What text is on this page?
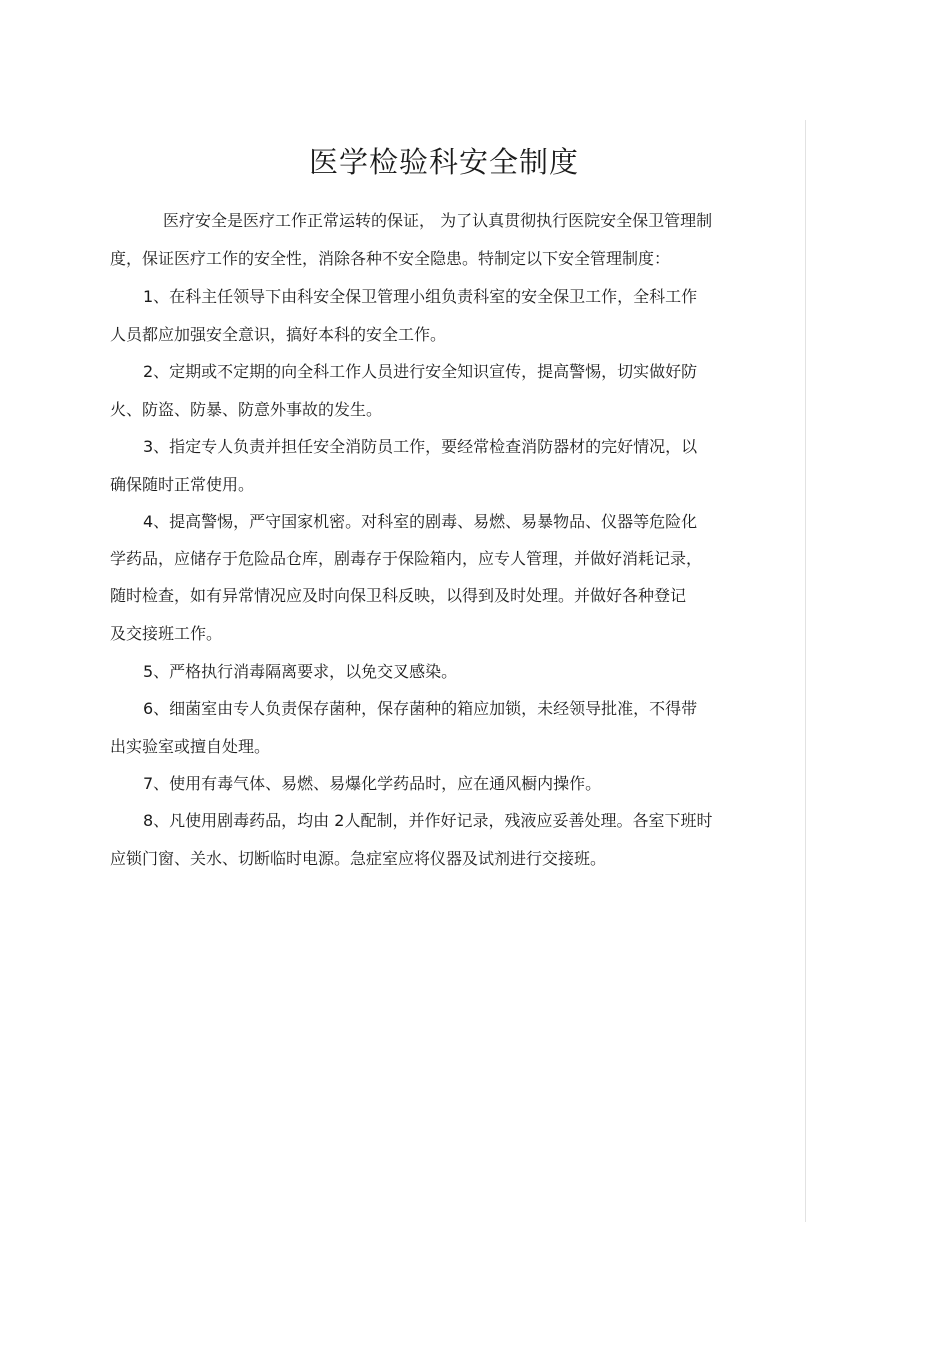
医学检验科安全制度
医疗安全是医疗工作正常运转的保证， 为了认真贯彻执行医院安全保卫管理制
度，保证医疗工作的安全性，消除各种不安全隐患。特制定以下安全管理制度：
1、在科主任领导下由科安全保卫管理小组负责科室的安全保卫工作，全科工作
人员都应加强安全意识，搞好本科的安全工作。
2、定期或不定期的向全科工作人员进行安全知识宣传，提高警惕，切实做好防
火、防盗、防暴、防意外事故的发生。
3、指定专人负责并担任安全消防员工作，要经常检查消防器材的完好情况，以
确保随时正常使用。
4、提高警惕，严守国家机密。对科室的剧毒、易燃、易暴物品、仪器等危险化
学药品，应储存于危险品仓库，剧毒存于保险箱内，应专人管理，并做好消耗记录，
随时检查，如有异常情况应及时向保卫科反映，以得到及时处理。并做好各种登记
及交接班工作。
5、严格执行消毒隔离要求，以免交叉感染。
6、细菌室由专人负责保存菌种，保存菌种的箱应加锁，未经领导批准，不得带
出实验室或擅自处理。
7、使用有毒气体、易燃、易爆化学药品时，应在通风橱内操作。
8、凡使用剧毒药品，均由 2人配制，并作好记录，残液应妥善处理。各室下班时
应锁门窗、关水、切断临时电源。急症室应将仪器及试剂进行交接班。
